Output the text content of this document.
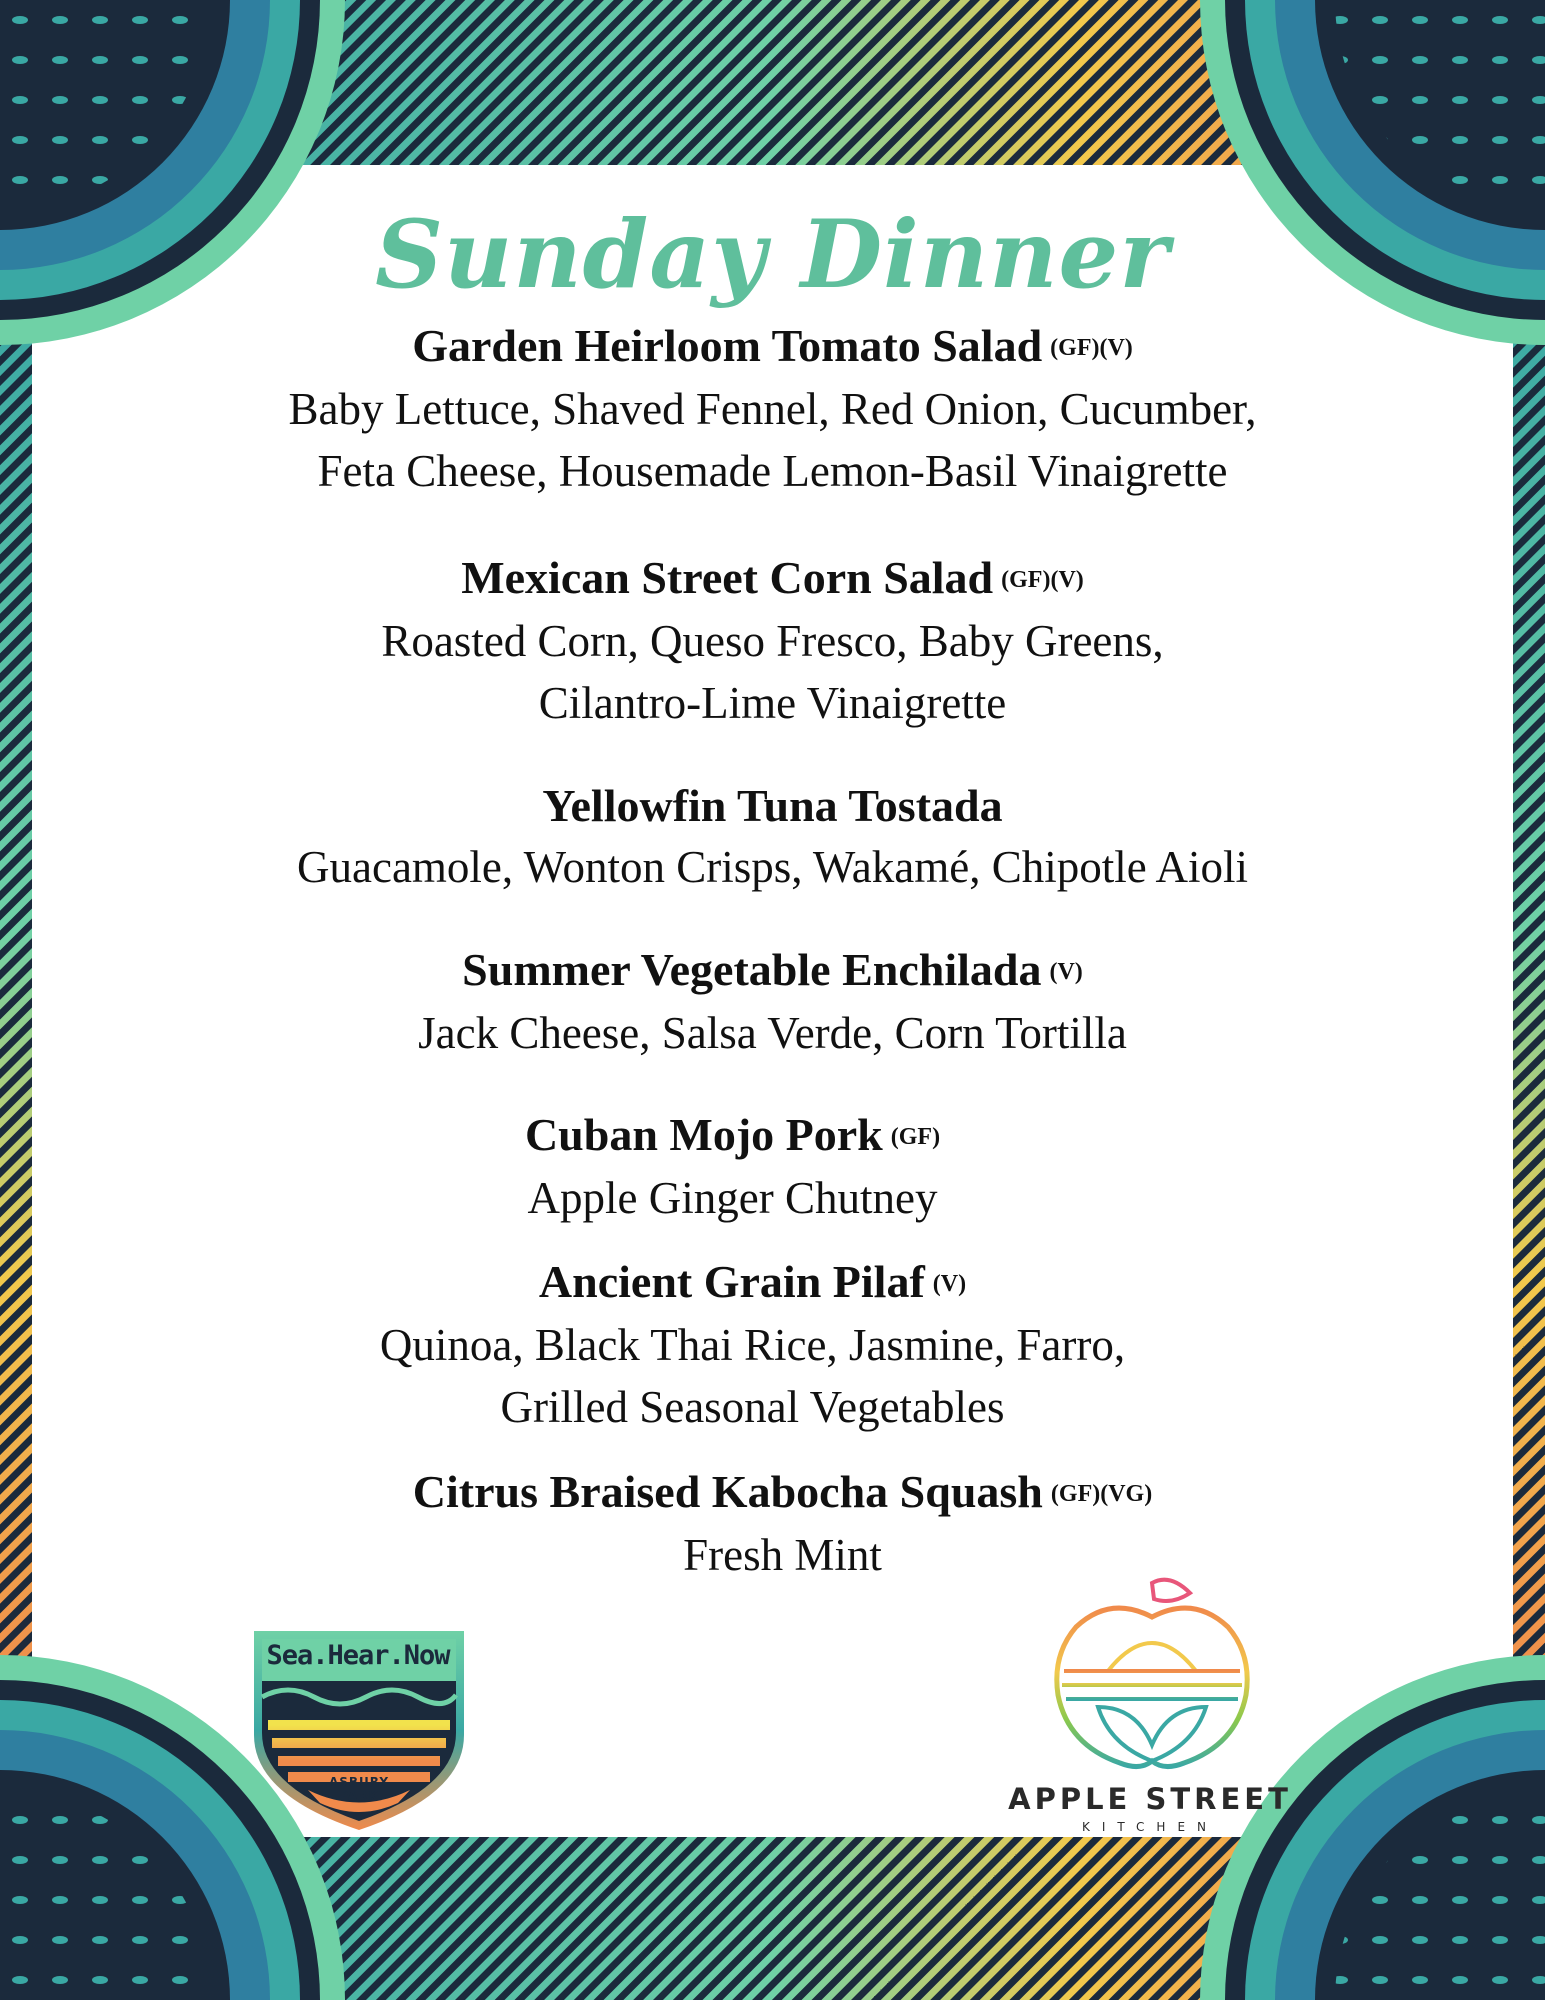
Sunday Dinner
Garden Heirloom Tomato Salad (GF)(V)
Baby Lettuce, Shaved Fennel, Red Onion, Cucumber,
Feta Cheese, Housemade Lemon-Basil Vinaigrette
Mexican Street Corn Salad (GF)(V)
Roasted Corn, Queso Fresco, Baby Greens,
Cilantro-Lime Vinaigrette
Yellowfin Tuna Tostada
Guacamole, Wonton Crisps, Wakamé, Chipotle Aioli
Summer Vegetable Enchilada (V)
Jack Cheese, Salsa Verde, Corn Tortilla
Cuban Mojo Pork (GF)
Apple Ginger Chutney
Ancient Grain Pilaf (V)
Quinoa, Black Thai Rice, Jasmine, Farro,
Grilled Seasonal Vegetables
Citrus Braised Kabocha Squash (GF)(VG)
Fresh Mint
Sea.Hear.Now
ASBURY
PARK	APPLE STREET
KITCHEN
